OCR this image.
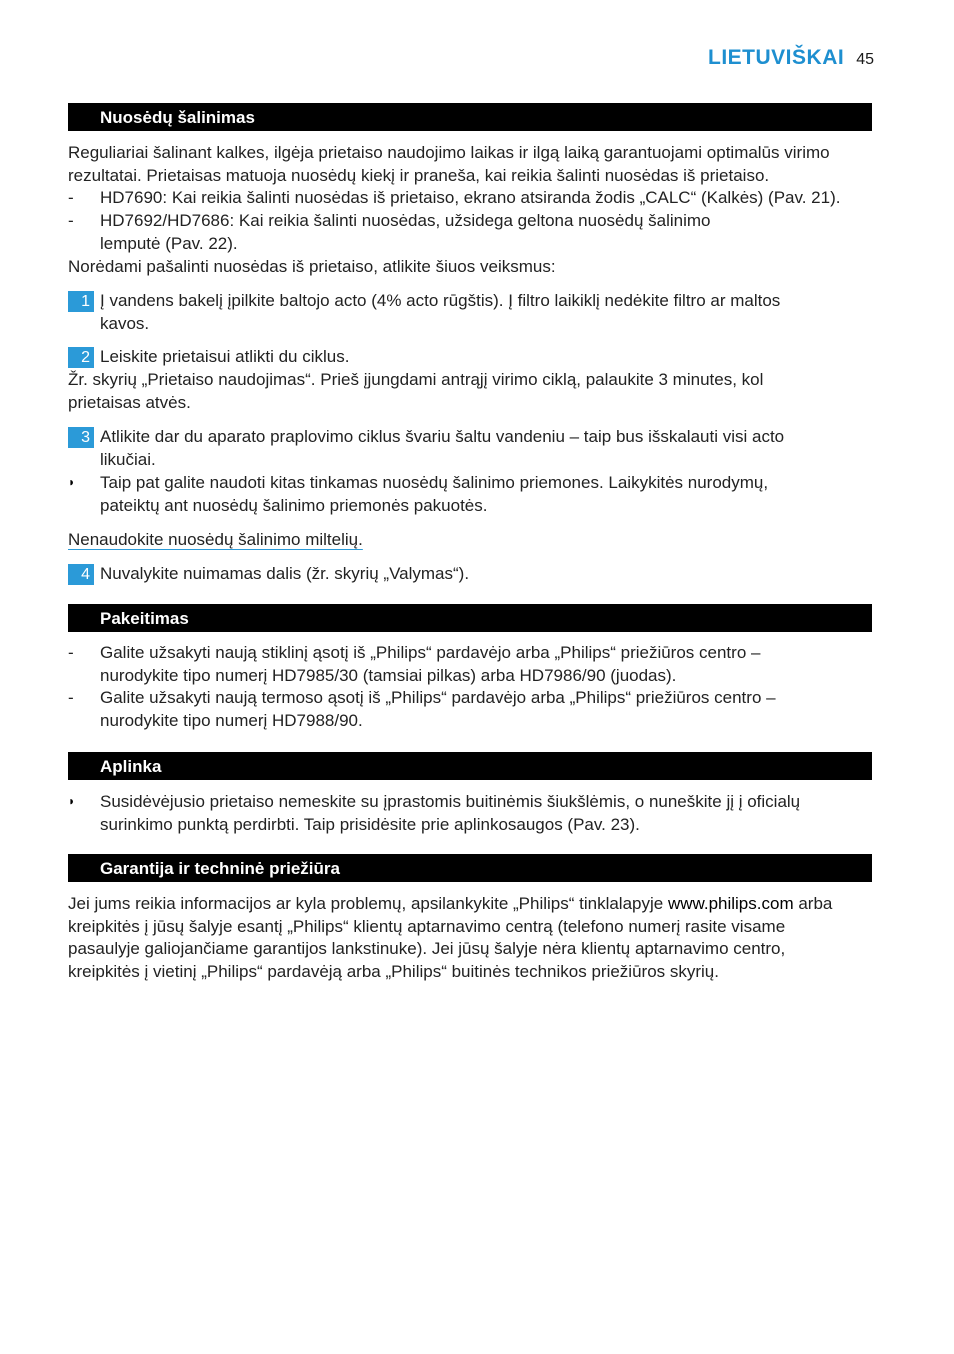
LIETUVIŠKAI 45
Nuosėdų šalinimas
Reguliariai šalinant kalkes, ilgėja prietaiso naudojimo laikas ir ilgą laiką garantuojami optimalūs virimo
rezultatai. Prietaisas matuoja nuosėdų kiekį ir praneša, kai reikia šalinti nuosėdas iš prietaiso.
- HD7690: Kai reikia šalinti nuosėdas iš prietaiso, ekrano atsiranda žodis „CALC“ (Kalkės) (Pav. 21).
- HD7692/HD7686: Kai reikia šalinti nuosėdas, užsidega geltona nuosėdų šalinimo
lemputė (Pav. 22).
Norėdami pašalinti nuosėdas iš prietaiso, atlikite šiuos veiksmus:
1 Į vandens bakelį įpilkite baltojo acto (4% acto rūgštis). Į filtro laikiklį nedėkite filtro ar maltos
kavos.
2 Leiskite prietaisui atlikti du ciklus.
Žr. skyrių „Prietaiso naudojimas“. Prieš įjungdami antrąjį virimo ciklą, palaukite 3 minutes, kol
prietaisas atvės.
3 Atlikite dar du aparato praplovimo ciklus švariu šaltu vandeniu – taip bus išskalauti visi acto
likučiai.
◗ Taip pat galite naudoti kitas tinkamas nuosėdų šalinimo priemones. Laikykitės nurodymų,
pateiktų ant nuosėdų šalinimo priemonės pakuotės.
Nenaudokite nuosėdų šalinimo miltelių.
4 Nuvalykite nuimamas dalis (žr. skyrių „Valymas“).
Pakeitimas
- Galite užsakyti naują stiklinį ąsotį iš „Philips“ pardavėjo arba „Philips“ priežiūros centro –
nurodykite tipo numerį HD7985/30 (tamsiai pilkas) arba HD7986/90 (juodas).
- Galite užsakyti naują termoso ąsotį iš „Philips“ pardavėjo arba „Philips“ priežiūros centro –
nurodykite tipo numerį HD7988/90.
Aplinka
◗ Susidėvėjusio prietaiso nemeskite su įprastomis buitinėmis šiukšlėmis, o nuneškite jį į oficialų
surinkimo punktą perdirbti. Taip prisidėsite prie aplinkosaugos (Pav. 23).
Garantija ir techninė priežiūra
Jei jums reikia informacijos ar kyla problemų, apsilankykite „Philips“ tinklalapyje www.philips.com arba
kreipkitės į jūsų šalyje esantį „Philips“ klientų aptarnavimo centrą (telefono numerį rasite visame
pasaulyje galiojančiame garantijos lankstinuke). Jei jūsų šalyje nėra klientų aptarnavimo centro,
kreipkitės į vietinį „Philips“ pardavėją arba „Philips“ buitinės technikos priežiūros skyrių.
